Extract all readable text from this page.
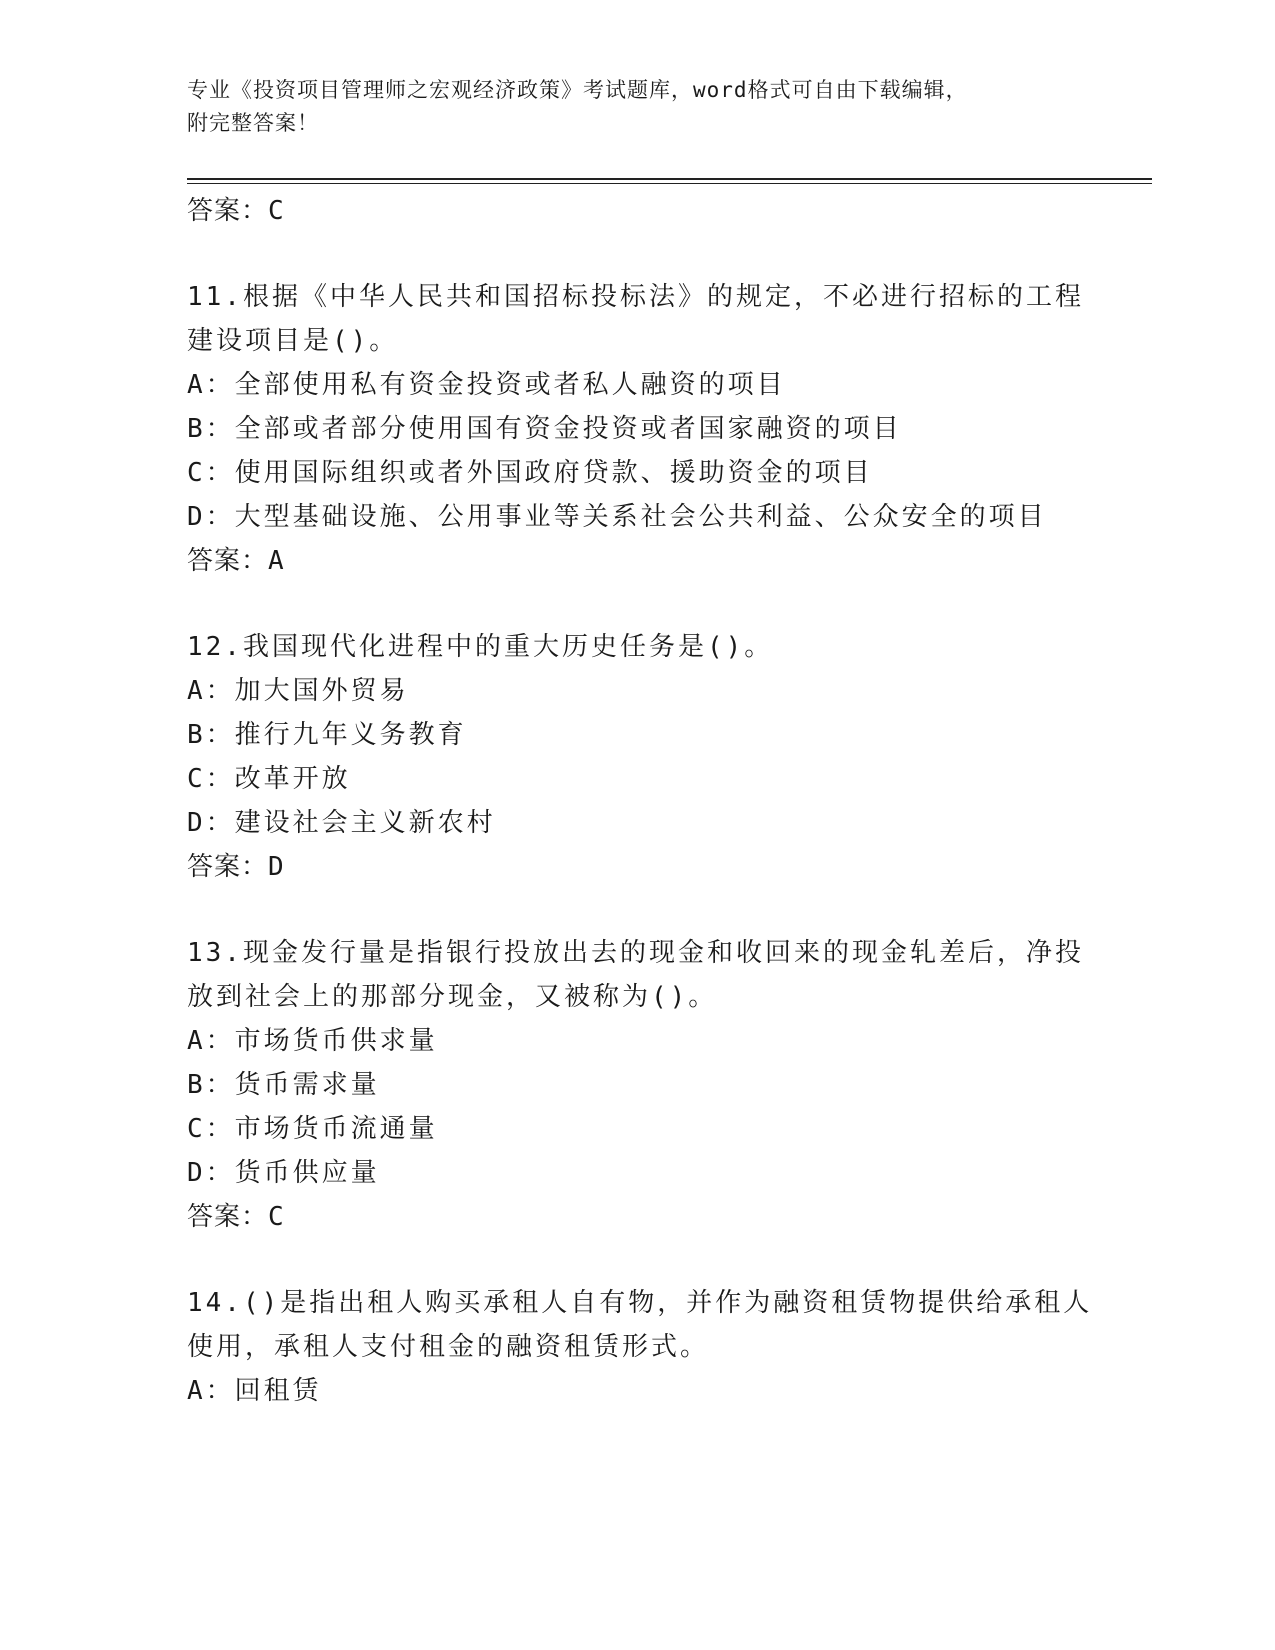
专业《投资项目管理师之宏观经济政策》考试题库，word格式可自由下载编辑，
附完整答案！
答案：C
11.根据《中华人民共和国招标投标法》的规定，不必进行招标的工程
建设项目是()。
A：全部使用私有资金投资或者私人融资的项目
B：全部或者部分使用国有资金投资或者国家融资的项目
C：使用国际组织或者外国政府贷款、援助资金的项目
D：大型基础设施、公用事业等关系社会公共利益、公众安全的项目
答案：A
12.我国现代化进程中的重大历史任务是()。
A：加大国外贸易
B：推行九年义务教育
C：改革开放
D：建设社会主义新农村
答案：D
13.现金发行量是指银行投放出去的现金和收回来的现金轧差后，净投
放到社会上的那部分现金，又被称为()。
A：市场货币供求量
B：货币需求量
C：市场货币流通量
D：货币供应量
答案：C
14.()是指出租人购买承租人自有物，并作为融资租赁物提供给承租人
使用，承租人支付租金的融资租赁形式。
A：回租赁
